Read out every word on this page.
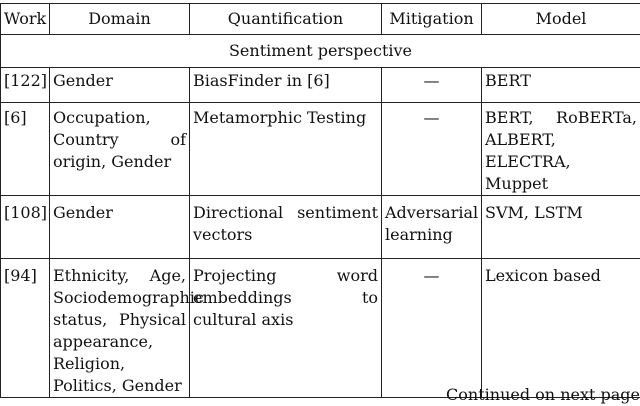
Work	Domain	Quantification	Mitigation	Model
Sentiment perspective				
[122]	Gender	BiasFinder in [6]	—	BERT
[6]	Occupation, Country of origin, Gender	Metamorphic Testing	—	BERT, RoBERTa, ALBERT, ELECTRA, Muppet
[108]	Gender	Directional sentiment vectors	Adversarial learning	SVM, LSTM
[94]	Ethnicity, Age, Sociodemographic status, Physical appearance, Religion, Politics, Gender	Projecting word embeddings to cultural axis	—	Lexicon based
Continued on next page
